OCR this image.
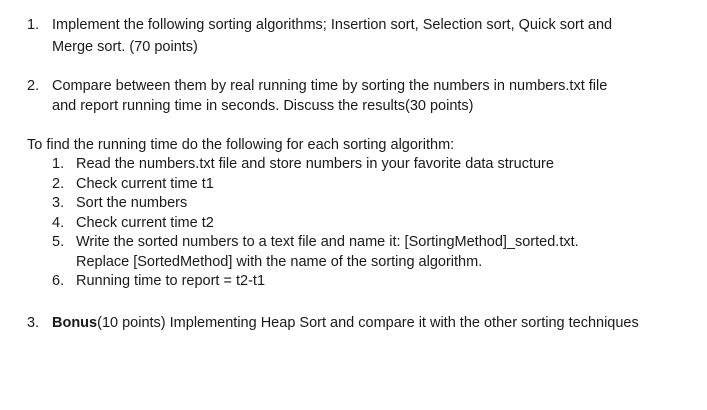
1. Implement the following sorting algorithms; Insertion sort, Selection sort, Quick sort and
Merge sort. (70 points)
2. Compare between them by real running time by sorting the numbers in numbers.txt file
and report running time in seconds. Discuss the results(30 points)
To find the running time do the following for each sorting algorithm:
1. Read the numbers.txt file and store numbers in your favorite data structure
2. Check current time t1
3. Sort the numbers
4. Check current time t2
5. Write the sorted numbers to a text file and name it: [SortingMethod]_sorted.txt.
Replace [SortedMethod] with the name of the sorting algorithm.
6. Running time to report = t2-t1
3. Bonus(10 points) Implementing Heap Sort and compare it with the other sorting techniques
